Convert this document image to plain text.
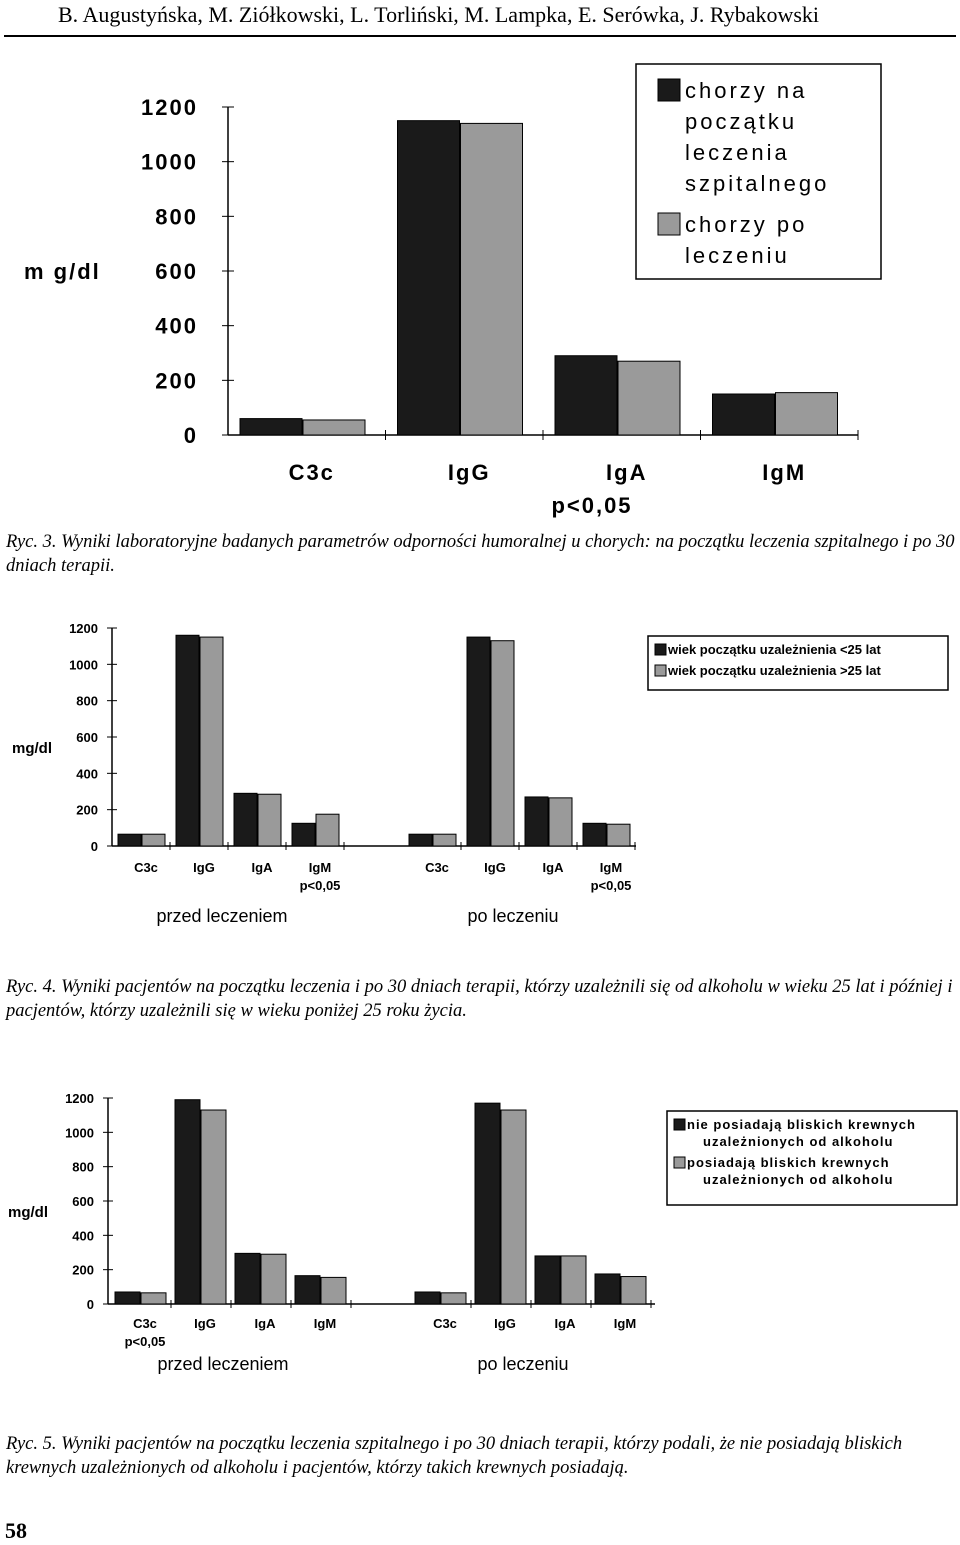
B. Augustyńska, M. Ziółkowski, L. Torliński, M. Lampka, E. Serówka, J. Rybakowski
0
200
400
600
800
1000
1200
m g/dl
C3c	IgG	IgA	IgM
p<0,05
chorzy na
początku
leczenia
szpitalnego
chorzy po
leczeniu
Ryc. 3. Wyniki laboratoryjne badanych parametrów odporności humoralnej u chorych: na początku leczenia szpitalnego i po 30 dniach terapii.
0
200
400
600
800
1000
1200
mg/dl
C3c	IgG	IgA	IgM
p<0,05
przed leczeniem
C3c	IgG	IgA	IgM
p<0,05
po leczeniu
wiek początku uzależnienia <25 lat
wiek początku uzależnienia >25 lat
Ryc. 4. Wyniki pacjentów na początku leczenia i po 30 dniach terapii, którzy uzależnili się od alkoholu w wieku 25 lat i później i pacjentów, którzy uzależnili się w wieku poniżej 25 roku życia.
0
200
400
600
800
1000
1200
mg/dl
C3c
p<0,05
IgG	IgA	IgM
przed leczeniem
C3c	IgG	IgA	IgM
po leczeniu
nie posiadają bliskich krewnych
uzależnionych od alkoholu
posiadają bliskich krewnych
uzależnionych od alkoholu
Ryc. 5. Wyniki pacjentów na początku leczenia szpitalnego i po 30 dniach terapii, którzy podali, że nie posiadają bliskich krewnych uzależnionych od alkoholu i pacjentów, którzy takich krewnych posiadają.
58
